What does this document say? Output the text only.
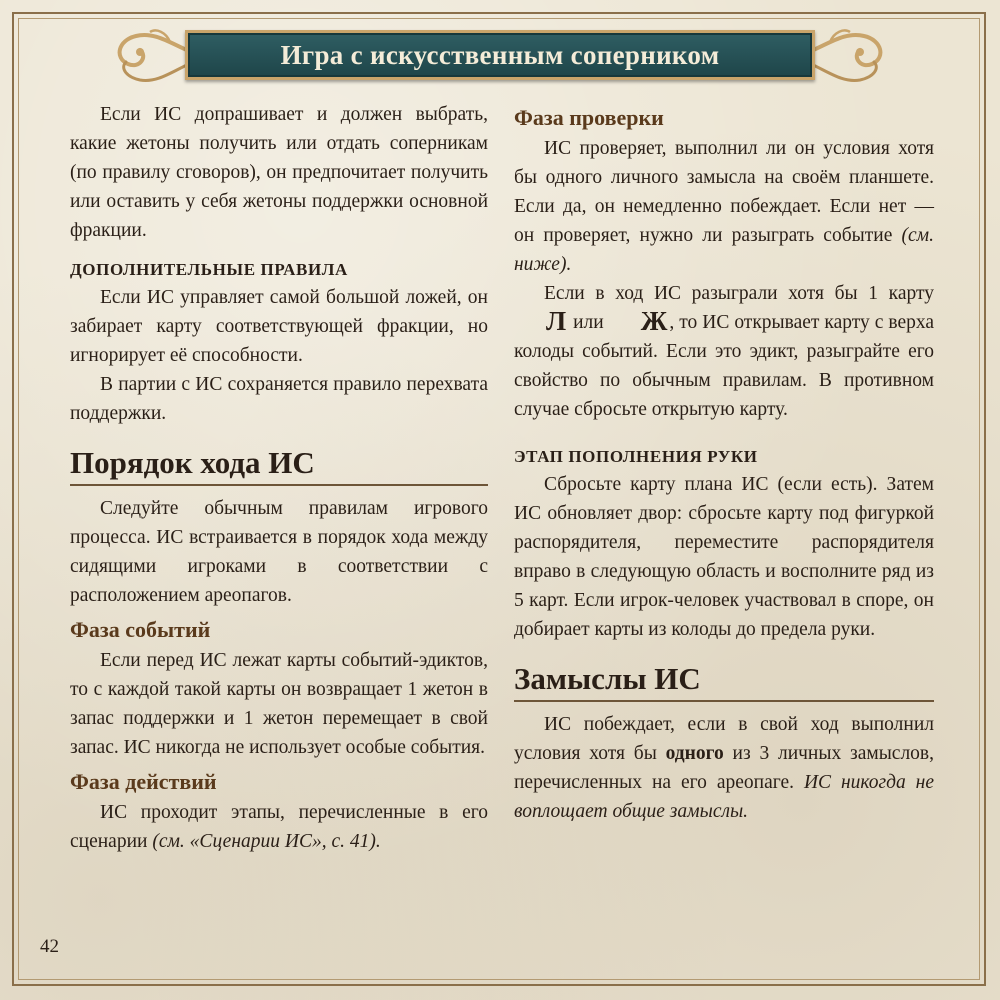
Игра с искусственным соперником

Если ИС допрашивает и должен выбрать, какие жетоны получить или отдать соперникам (по правилу сговоров), он предпочитает получить или оставить у себя жетоны поддержки основной фракции.

ДОПОЛНИТЕЛЬНЫЕ ПРАВИЛА

Если ИС управляет самой большой ложей, он забирает карту соответствующей фракции, но игнорирует её способности.

В партии с ИС сохраняется правило перехвата поддержки.

Порядок хода ИС

Следуйте обычным правилам игрового процесса. ИС встраивается в порядок хода между сидящими игроками в соответствии с расположением ареопагов.

Фаза событий

Если перед ИС лежат карты событий-эдиктов, то с каждой такой карты он возвращает 1 жетон в запас поддержки и 1 жетон перемещает в свой запас. ИС никогда не использует особые события.

Фаза действий

ИС проходит этапы, перечисленные в его сценарии (см. «Сценарии ИС», с. 41).

Фаза проверки

ИС проверяет, выполнил ли он условия хотя бы одного личного замысла на своём планшете. Если да, он немедленно побеждает. Если нет — он проверяет, нужно ли разыграть событие (см. ниже).

Если в ход ИС разыграли хотя бы 1 карту Л или Ж , то ИС открывает карту с верха колоды событий. Если это эдикт, разыграйте его свойство по обычным правилам. В противном случае сбросьте открытую карту.

ЭТАП ПОПОЛНЕНИЯ РУКИ

Сбросьте карту плана ИС (если есть). Затем ИС обновляет двор: сбросьте карту под фигуркой распорядителя, переместите распорядителя вправо в следующую область и восполните ряд из 5 карт. Если игрок-человек участвовал в споре, он добирает карты из колоды до предела руки.

Замыслы ИС

ИС побеждает, если в свой ход выполнил условия хотя бы одного из 3 личных замыслов, перечисленных на его ареопаге. ИС никогда не воплощает общие замыслы.

42
